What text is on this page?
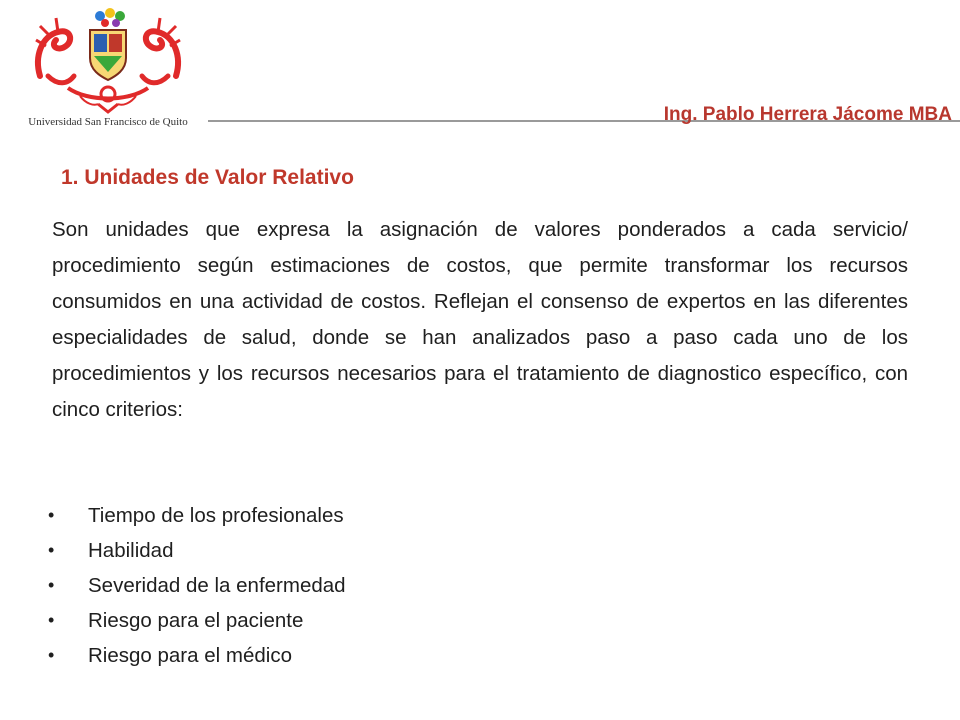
Universidad San Francisco de Quito	Ing. Pablo Herrera Jácome MBA
1. Unidades de Valor Relativo

Son unidades que expresa la asignación de valores ponderados a cada servicio/ procedimiento según estimaciones de costos, que permite transformar los recursos consumidos en una actividad de costos. Reflejan el consenso de expertos en las diferentes especialidades de salud, donde se han analizados paso a paso cada uno de los procedimientos y los recursos necesarios para el tratamiento de diagnostico específico, con cinco criterios:

• Tiempo de los profesionales
• Habilidad
• Severidad de la enfermedad
• Riesgo para el paciente
• Riesgo para el médico
